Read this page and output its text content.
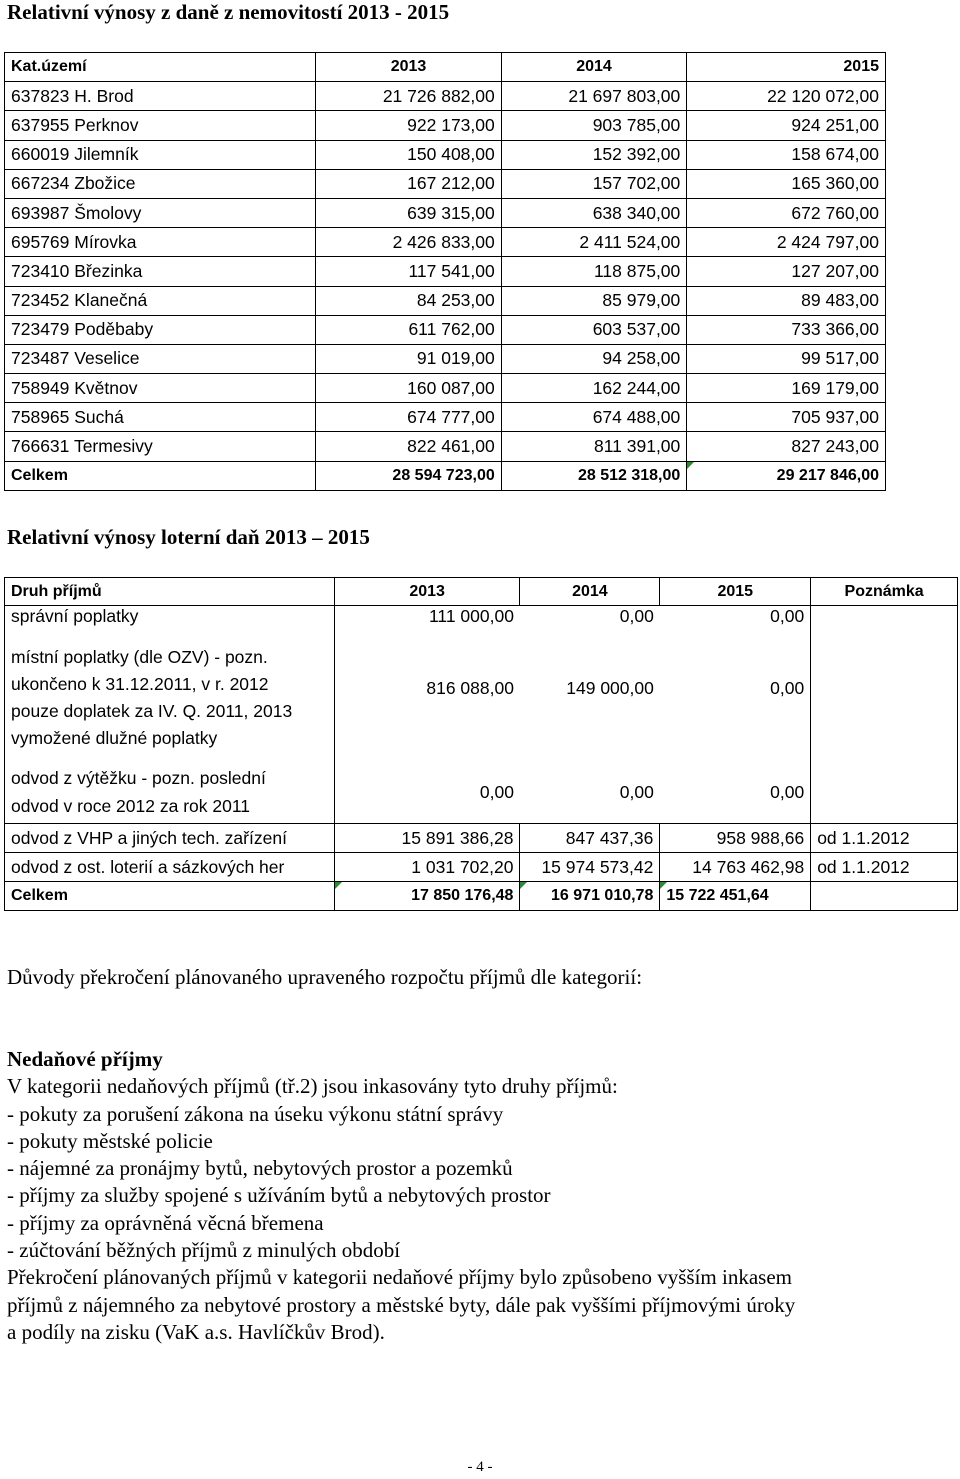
Relativní výnosy z daně z nemovitostí 2013 - 2015
Kat.území	2013	2014	2015
637823 H. Brod	21 726 882,00	21 697 803,00	22 120 072,00
637955 Perknov	922 173,00	903 785,00	924 251,00
660019 Jilemník	150 408,00	152 392,00	158 674,00
667234 Zbožice	167 212,00	157 702,00	165 360,00
693987 Šmolovy	639 315,00	638 340,00	672 760,00
695769 Mírovka	2 426 833,00	2 411 524,00	2 424 797,00
723410 Březinka	117 541,00	118 875,00	127 207,00
723452 Klanečná	84 253,00	85 979,00	89 483,00
723479 Poděbaby	611 762,00	603 537,00	733 366,00
723487 Veselice	91 019,00	94 258,00	99 517,00
758949 Květnov	160 087,00	162 244,00	169 179,00
758965 Suchá	674 777,00	674 488,00	705 937,00
766631 Termesivy	822 461,00	811 391,00	827 243,00
Celkem	28 594 723,00	28 512 318,00	29 217 846,00
Relativní výnosy loterní daň 2013 – 2015
Druh příjmů	2013	2014	2015	Poznámka
správní poplatky	111 000,00	0,00	0,00	

místní poplatky (dle OZV) - pozn.
ukončeno k 31.12.2011, v r. 2012
pouze doplatek za IV. Q. 2011, 2013
vymožené dlužné poplatky	816 088,00	149 000,00	0,00	

odvod z výtěžku - pozn. poslední
odvod v roce 2012 za rok 2011	0,00	0,00	0,00	
odvod z VHP a jiných tech. zařízení	15 891 386,28	847 437,36	958 988,66	od 1.1.2012
odvod z ost. loterií a sázkových her	1 031 702,20	15 974 573,42	14 763 462,98	od 1.1.2012
Celkem	17 850 176,48	16 971 010,78	15 722 451,64	
Důvody překročení plánovaného upraveného rozpočtu příjmů dle kategorií:
Nedaňové příjmy
V kategorii nedaňových příjmů (tř.2) jsou inkasovány tyto druhy příjmů:
- pokuty za porušení zákona na úseku výkonu státní správy
- pokuty městské policie
- nájemné za pronájmy bytů, nebytových prostor a pozemků
- příjmy za služby spojené s užíváním bytů a nebytových prostor
- příjmy za oprávněná věcná břemena
- zúčtování běžných příjmů z minulých období
Překročení plánovaných příjmů v kategorii nedaňové příjmy bylo způsobeno vyšším inkasem
příjmů z nájemného za nebytové prostory a městské byty, dále pak vyššími příjmovými úroky
a podíly na zisku (VaK a.s. Havlíčkův Brod).
- 4 -
